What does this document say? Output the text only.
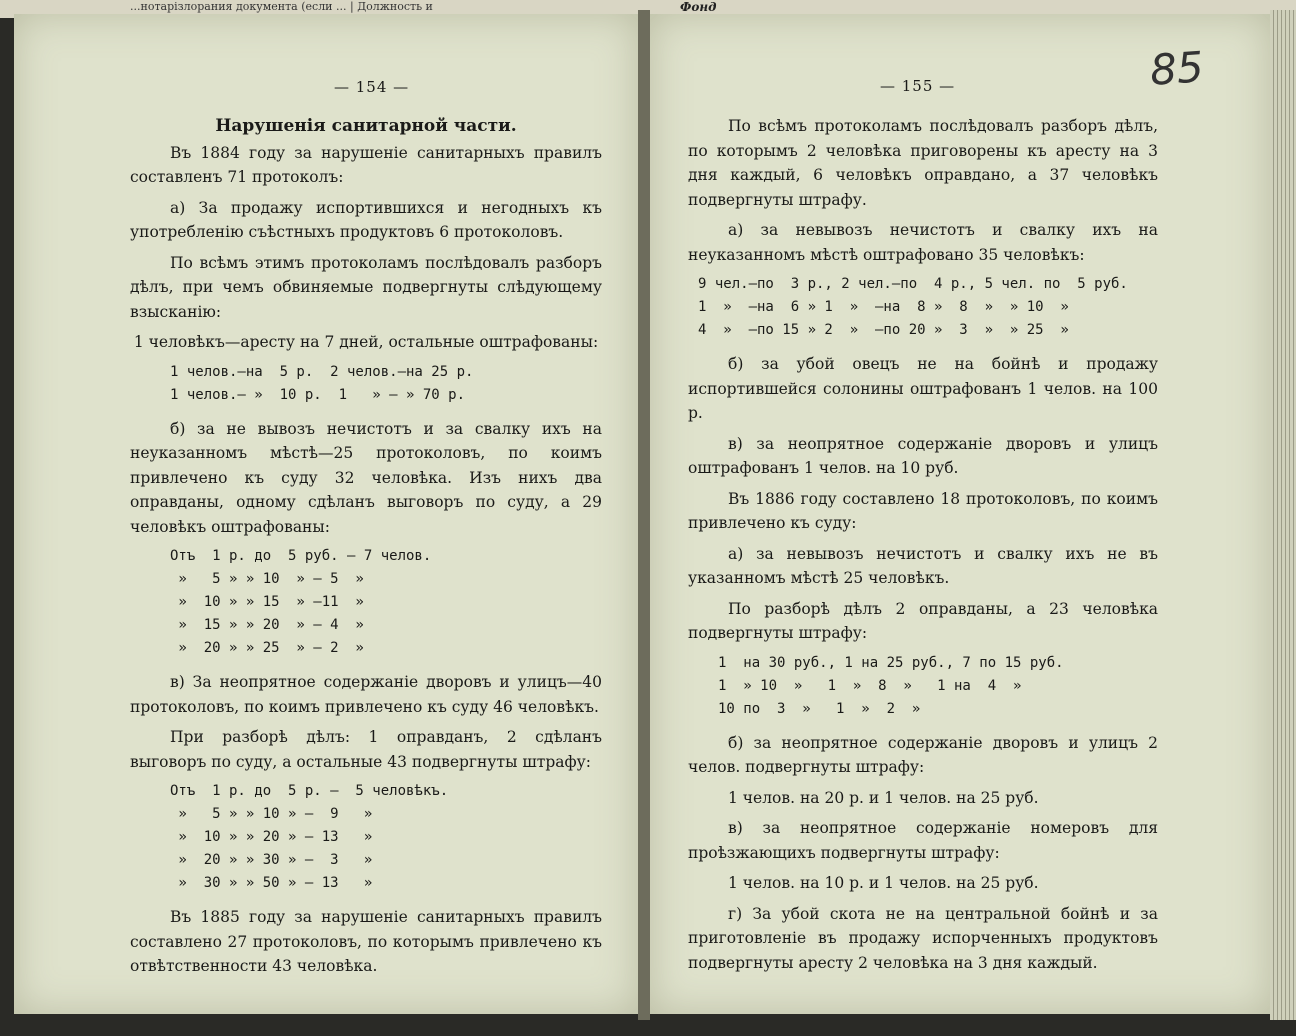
...нотарізлорания документа (если ... | Должность и	Фонд
— 154 —
Нарушенія санитарной части.

Въ 1884 году за нарушеніе санитарныхъ правилъ составленъ 71 протоколъ:

а) За продажу испортившихся и негодныхъ къ употребленію съѣстныхъ продуктовъ 6 протоколовъ.

По всѣмъ этимъ протоколамъ послѣдовалъ разборъ дѣлъ, при чемъ обвиняемые подвергнуты слѣдующему взысканію:

1 человѣкъ—аресту на 7 дней, остальные оштрафованы:

1 челов.—на  5 р.  2 челов.—на 25 р.
1 челов.— »  10 р.  1   » — » 70 р.

б) за не вывозъ нечистотъ и за свалку ихъ на неуказанномъ мѣстѣ—25 протоколовъ, по коимъ привлечено къ суду 32 человѣка. Изъ нихъ два оправданы, одному сдѣланъ выговоръ по суду, а 29 человѣкъ оштрафованы:

Отъ  1 р. до  5 руб. — 7 челов.
»   5 » » 10  » — 5  »
»  10 » » 15  » —11  »
»  15 » » 20  » — 4  »
»  20 » » 25  » — 2  »

в) За неопрятное содержаніе дворовъ и улицъ—40 протоколовъ, по коимъ привлечено къ суду 46 человѣкъ.

При разборѣ дѣлъ: 1 оправданъ, 2 сдѣланъ выговоръ по суду, а остальные 43 подвергнуты штрафу:

Отъ  1 р. до  5 р. —  5 человѣкъ.
»   5 » » 10 » —  9   »
»  10 » » 20 » — 13   »
»  20 » » 30 » —  3   »
»  30 » » 50 » — 13   »

Въ 1885 году за нарушеніе санитарныхъ правилъ составлено 27 протоколовъ, по которымъ привлечено къ отвѣтственности 43 человѣка.

— 155 —	85

По всѣмъ протоколамъ послѣдовалъ разборъ дѣлъ, по которымъ 2 человѣка приговорены къ аресту на 3 дня каждый, 6 человѣкъ оправдано, а 37 человѣкъ подвергнуты штрафу.

а) за невывозъ нечистотъ и свалку ихъ на неуказанномъ мѣстѣ оштрафовано 35 человѣкъ:

9 чел.—по  3 р., 2 чел.—по  4 р., 5 чел. по  5 руб.
1  »  —на  6 » 1  »  —на  8 »  8  »  » 10  »
4  »  —по 15 » 2  »  —по 20 »  3  »  » 25  »

б) за убой овецъ не на бойнѣ и продажу испортившейся солонины оштрафованъ 1 челов. на 100 р.

в) за неопрятное содержаніе дворовъ и улицъ оштрафованъ 1 челов. на 10 руб.

Въ 1886 году составлено 18 протоколовъ, по коимъ привлечено къ суду:

а) за невывозъ нечистотъ и свалку ихъ не въ указанномъ мѣстѣ 25 человѣкъ.

По разборѣ дѣлъ 2 оправданы, а 23 человѣка подвергнуты штрафу:

1  на 30 руб., 1 на 25 руб., 7 по 15 руб.
1  » 10  »   1  »  8  »   1 на  4  »
10 по  3  »   1  »  2  »

б) за неопрятное содержаніе дворовъ и улицъ 2 челов. подвергнуты штрафу:

1 челов. на 20 р. и 1 челов. на 25 руб.

в) за неопрятное содержаніе номеровъ для проѣзжающихъ подвергнуты штрафу:

1 челов. на 10 р. и 1 челов. на 25 руб.

г) За убой скота не на центральной бойнѣ и за приготовленіе въ продажу испорченныхъ продуктовъ подвергнуты аресту 2 человѣка на 3 дня каждый.
